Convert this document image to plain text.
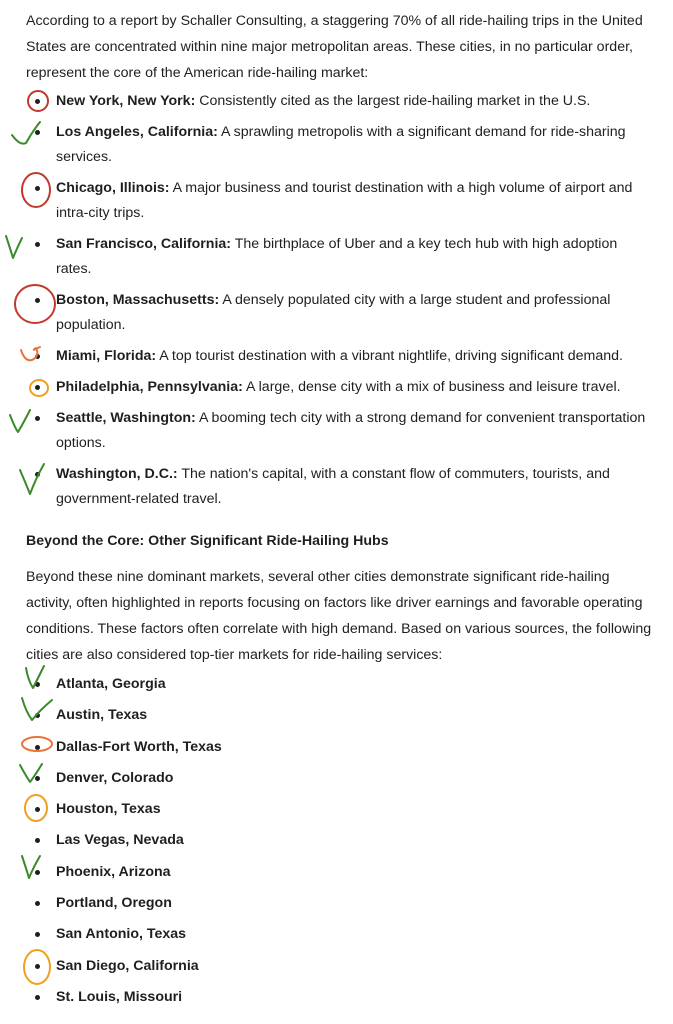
According to a report by Schaller Consulting, a staggering 70% of all ride-hailing trips in the United States are concentrated within nine major metropolitan areas. These cities, in no particular order, represent the core of the American ride-hailing market:

New York, New York: Consistently cited as the largest ride-hailing market in the U.S.
Los Angeles, California: A sprawling metropolis with a significant demand for ride-sharing services.
Chicago, Illinois: A major business and tourist destination with a high volume of airport and intra-city trips.
San Francisco, California: The birthplace of Uber and a key tech hub with high adoption rates.
Boston, Massachusetts: A densely populated city with a large student and professional population.
Miami, Florida: A top tourist destination with a vibrant nightlife, driving significant demand.
Philadelphia, Pennsylvania: A large, dense city with a mix of business and leisure travel.
Seattle, Washington: A booming tech city with a strong demand for convenient transportation options.
Washington, D.C.: The nation's capital, with a constant flow of commuters, tourists, and government-related travel.
Beyond the Core: Other Significant Ride-Hailing Hubs

Beyond these nine dominant markets, several other cities demonstrate significant ride-hailing activity, often highlighted in reports focusing on factors like driver earnings and favorable operating conditions. These factors often correlate with high demand. Based on various sources, the following cities are also considered top-tier markets for ride-hailing services:

Atlanta, Georgia
Austin, Texas
Dallas-Fort Worth, Texas
Denver, Colorado
Houston, Texas
Las Vegas, Nevada
Phoenix, Arizona
Portland, Oregon
San Antonio, Texas
San Diego, California
St. Louis, Missouri
